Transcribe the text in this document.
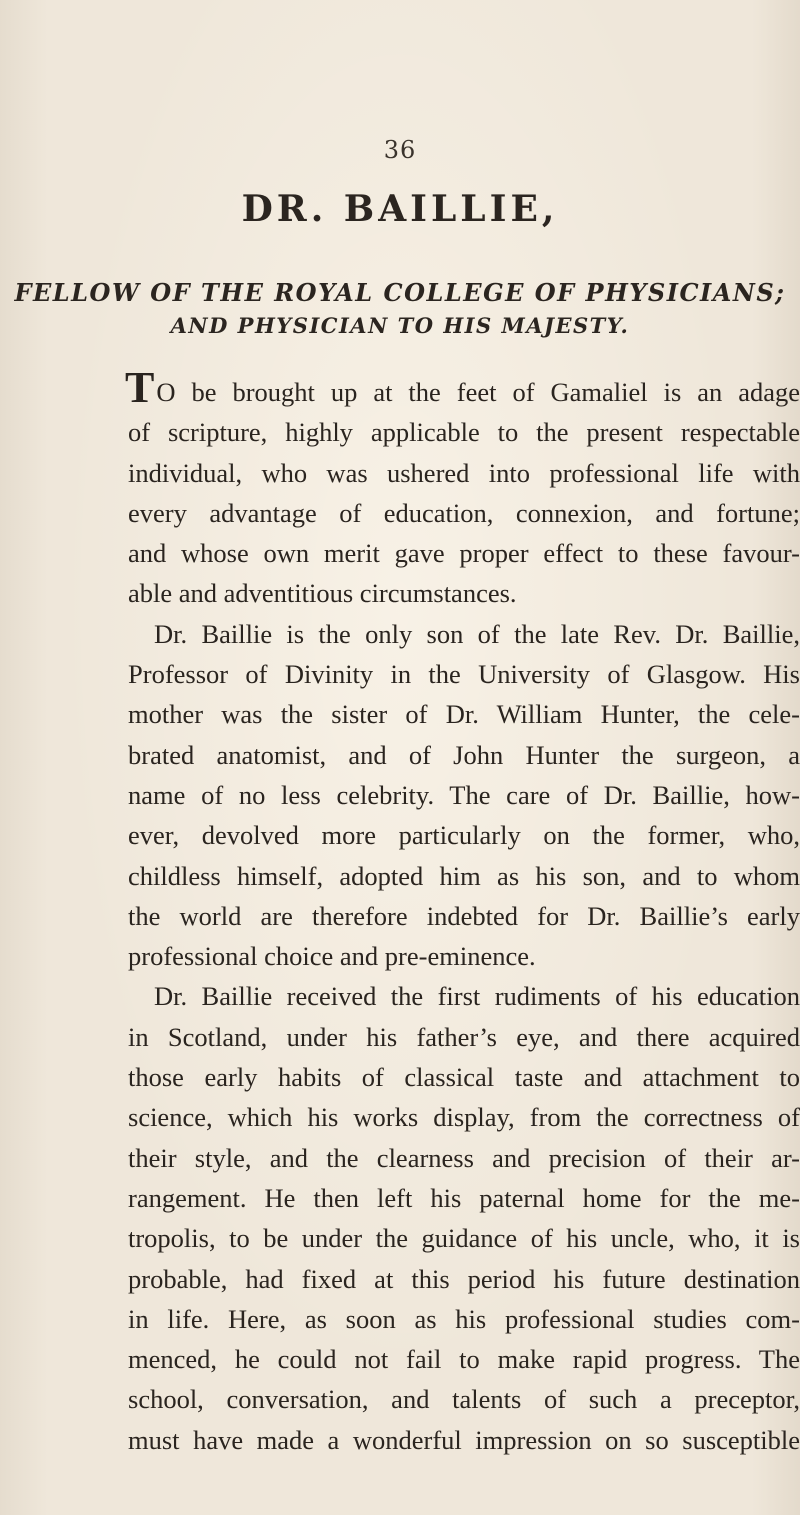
36
DR. BAILLIE,
FELLOW OF THE ROYAL COLLEGE OF PHYSICIANS;
AND PHYSICIAN TO HIS MAJESTY.
TO be brought up at the feet of Gamaliel is an adage
of scripture, highly applicable to the present respectable
individual, who was ushered into professional life with
every advantage of education, connexion, and fortune;
and whose own merit gave proper effect to these favour-
able and adventitious circumstances.
Dr. Baillie is the only son of the late Rev. Dr. Baillie,
Professor of Divinity in the University of Glasgow. His
mother was the sister of Dr. William Hunter, the cele-
brated anatomist, and of John Hunter the surgeon, a
name of no less celebrity. The care of Dr. Baillie, how-
ever, devolved more particularly on the former, who,
childless himself, adopted him as his son, and to whom
the world are therefore indebted for Dr. Baillie’s early
professional choice and pre-eminence.
Dr. Baillie received the first rudiments of his education
in Scotland, under his father’s eye, and there acquired
those early habits of classical taste and attachment to
science, which his works display, from the correctness of
their style, and the clearness and precision of their ar-
rangement. He then left his paternal home for the me-
tropolis, to be under the guidance of his uncle, who, it is
probable, had fixed at this period his future destination
in life. Here, as soon as his professional studies com-
menced, he could not fail to make rapid progress. The
school, conversation, and talents of such a preceptor,
must have made a wonderful impression on so susceptible
